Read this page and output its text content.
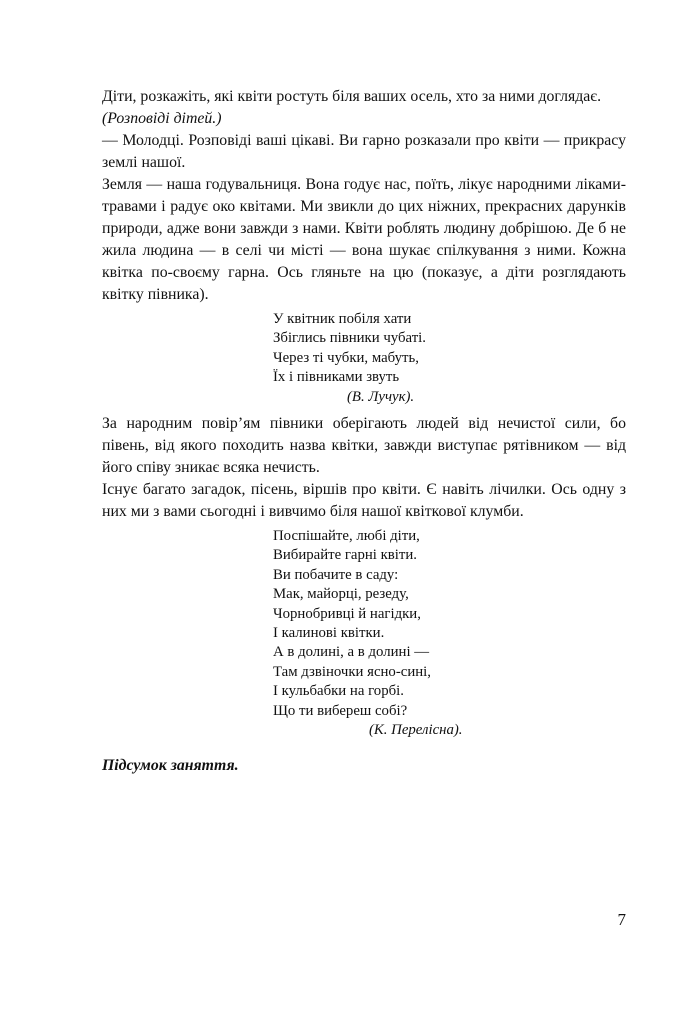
Діти, розкажіть, які квіти ростуть біля ваших осель, хто за ними доглядає.

(Розповіді дітей.)

— Молодці. Розповіді ваші цікаві. Ви гарно розказали про квіти — прикрасу землі нашої.

Земля — наша годувальниця. Вона годує нас, поїть, лікує народними ліками-травами і радує око квітами. Ми звикли до цих ніжних, прекрасних дарунків природи, адже вони завжди з нами. Квіти роблять людину добрішою. Де б не жила людина — в селі чи місті — вона шукає спілкування з ними. Кожна квітка по-своєму гарна. Ось гляньте на цю (показує, а діти розглядають квітку півника).

У квітник побіля хати
Збіглись півники чубаті.
Через ті чубки, мабуть,
Їх і півниками звуть
(В. Лучук).

За народним повір’ям півники оберігають людей від нечистої сили, бо півень, від якого походить назва квітки, завжди виступає рятівником — від його співу зникає всяка нечисть.

Існує багато загадок, пісень, віршів про квіти. Є навіть лічилки. Ось одну з них ми з вами сьогодні і вивчимо біля нашої квіткової клумби.

Поспішайте, любі діти,
Вибирайте гарні квіти.
Ви побачите в саду:
Мак, майорці, резеду,
Чорнобривці й нагідки,
І калинові квітки.
А в долині, а в долині —
Там дзвіночки ясно-сині,
І кульбабки на горбі.
Що ти вибереш собі?
(К. Перелісна).

Підсумок заняття.

7
